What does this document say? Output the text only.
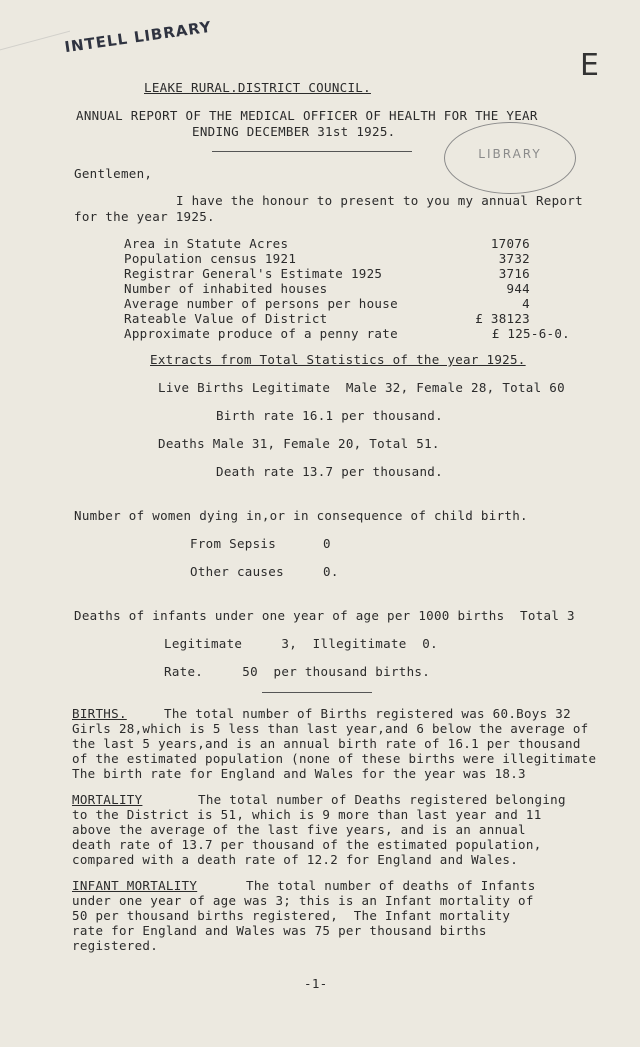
INTELL LIBRARY
E
LIBRARY
LEAKE RURAL.DISTRICT COUNCIL.
ANNUAL REPORT OF THE MEDICAL OFFICER OF HEALTH FOR THE YEAR
ENDING DECEMBER 31st 1925.
Gentlemen,
I have the honour to present to you my annual Report
for the year 1925.
Area in Statute Acres	17076
Population census 1921	3732
Registrar General's Estimate 1925	3716
Number of inhabited houses	944
Average number of persons per house	4
Rateable Value of District	£ 38123
Approximate produce of a penny rate	£ 125-6-0.
Extracts from Total Statistics of the year 1925.
Live Births Legitimate  Male 32, Female 28, Total 60
Birth rate 16.1 per thousand.
Deaths Male 31, Female 20, Total 51.
Death rate 13.7 per thousand.
Number of women dying in,or in consequence of child birth.
From Sepsis      0
Other causes     0.
Deaths of infants under one year of age per 1000 births  Total 3
Legitimate     3,  Illegitimate  0.
Rate.     50  per thousand births.
BIRTHS.	The total number of Births registered was 60.Boys 32
Girls 28,which is 5 less than last year,and 6 below the average of
the last 5 years,and is an annual birth rate of 16.1 per thousand
of the estimated population (none of these births were illegitimate
The birth rate for England and Wales for the year was 18.3
MORTALITY	The total number of Deaths registered belonging
to the District is 51, which is 9 more than last year and 11
above the average of the last five years, and is an annual
death rate of 13.7 per thousand of the estimated population,
compared with a death rate of 12.2 for England and Wales.
INFANT MORTALITY	The total number of deaths of Infants
under one year of age was 3; this is an Infant mortality of
50 per thousand births registered,  The Infant mortality
rate for England and Wales was 75 per thousand births
registered.
-1-
